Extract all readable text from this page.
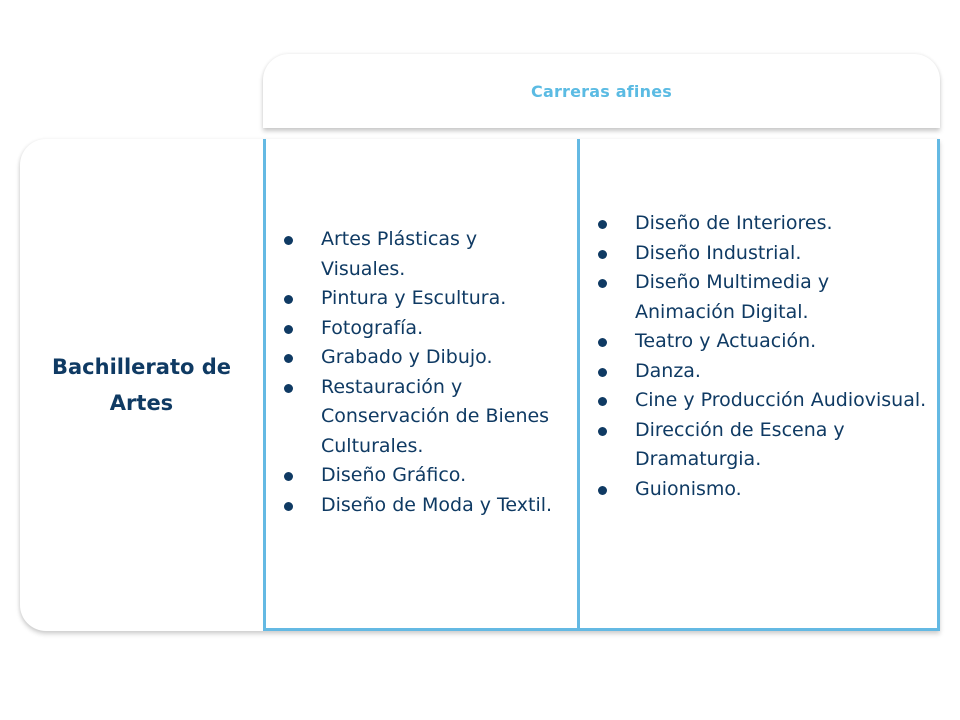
Carreras afines
Bachillerato de Artes
Artes Plásticas y Visuales.
Pintura y Escultura.
Fotografía.
Grabado y Dibujo.
Restauración y Conservación de Bienes Culturales.
Diseño Gráfico.
Diseño de Moda y Textil.
Diseño de Interiores.
Diseño Industrial.
Diseño Multimedia y Animación Digital.
Teatro y Actuación.
Danza.
Cine y Producción Audiovisual.
Dirección de Escena y Dramaturgia.
Guionismo.
